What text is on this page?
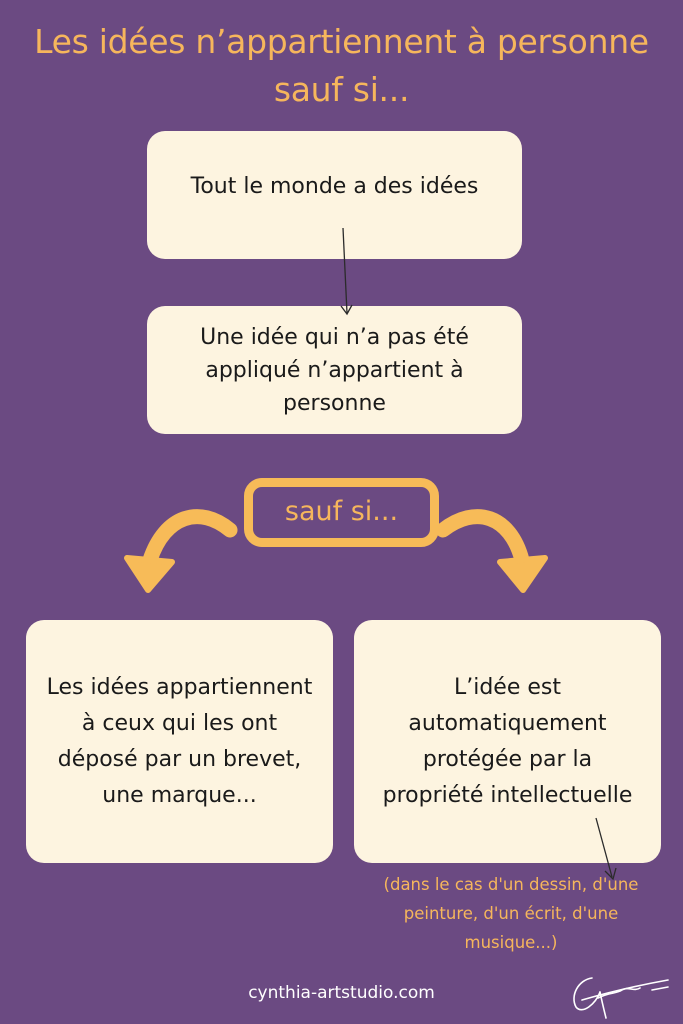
Les idées n’appartiennent à personne
sauf si...
Tout le monde a des idées
Une idée qui n’a pas été appliqué n’appartient à personne
sauf si...
Les idées appartiennent à ceux qui les ont déposé par un brevet, une marque...
L’idée est automatiquement protégée par la propriété intellectuelle
(dans le cas d'un dessin, d'une peinture, d'un écrit, d'une musique...)
cynthia-artstudio.com
